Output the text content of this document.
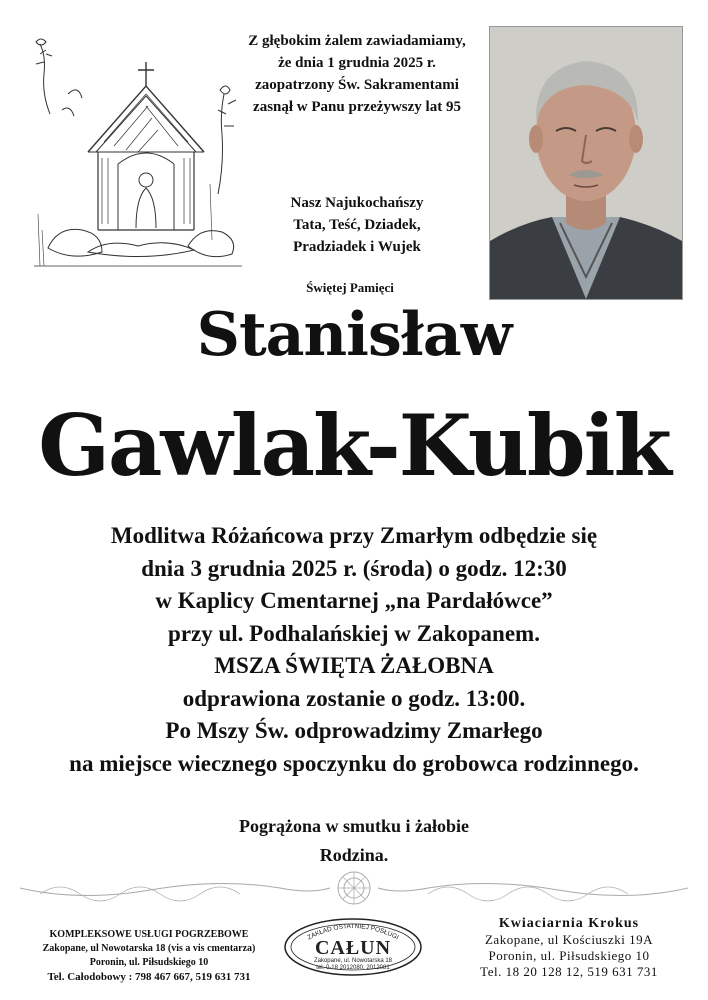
Z głębokim żalem zawiadamiamy,
że dnia 1 grudnia 2025 r.
zaopatrzony Św. Sakramentami
zasnął w Panu przeżywszy lat 95
Nasz Najukochańszy
Tata, Teść, Dziadek,
Pradziadek i Wujek
Świętej Pamięci
Stanisław
Gawlak-Kubik
Modlitwa Różańcowa przy Zmarłym odbędzie się
dnia 3 grudnia 2025 r. (środa) o godz. 12:30
w Kaplicy Cmentarnej „na Pardałówce”
przy ul. Podhalańskiej w Zakopanem.
MSZA ŚWIĘTA ŻAŁOBNA
odprawiona zostanie o godz. 13:00.
Po Mszy Św. odprowadzimy Zmarłego
na miejsce wiecznego spoczynku do grobowca rodzinnego.
Pogrążona w smutku i żałobie
Rodzina.
KOMPLEKSOWE USŁUGI POGRZEBOWE
Zakopane, ul Nowotarska 18 (vis a vis cmentarza)
Poronin, ul. Piłsudskiego 10
Tel. Całodobowy : 798 467 667, 519 631 731
ZAKŁAD OSTATNIEJ POSŁUGI
CAŁUN
Zakopane, ul. Nowotarska 18
tel. 0-18 2012080, 2012081
Kwiaciarnia Krokus
Zakopane, ul Kościuszki 19A
Poronin, ul. Piłsudskiego 10
Tel. 18 20 128 12, 519 631 731
